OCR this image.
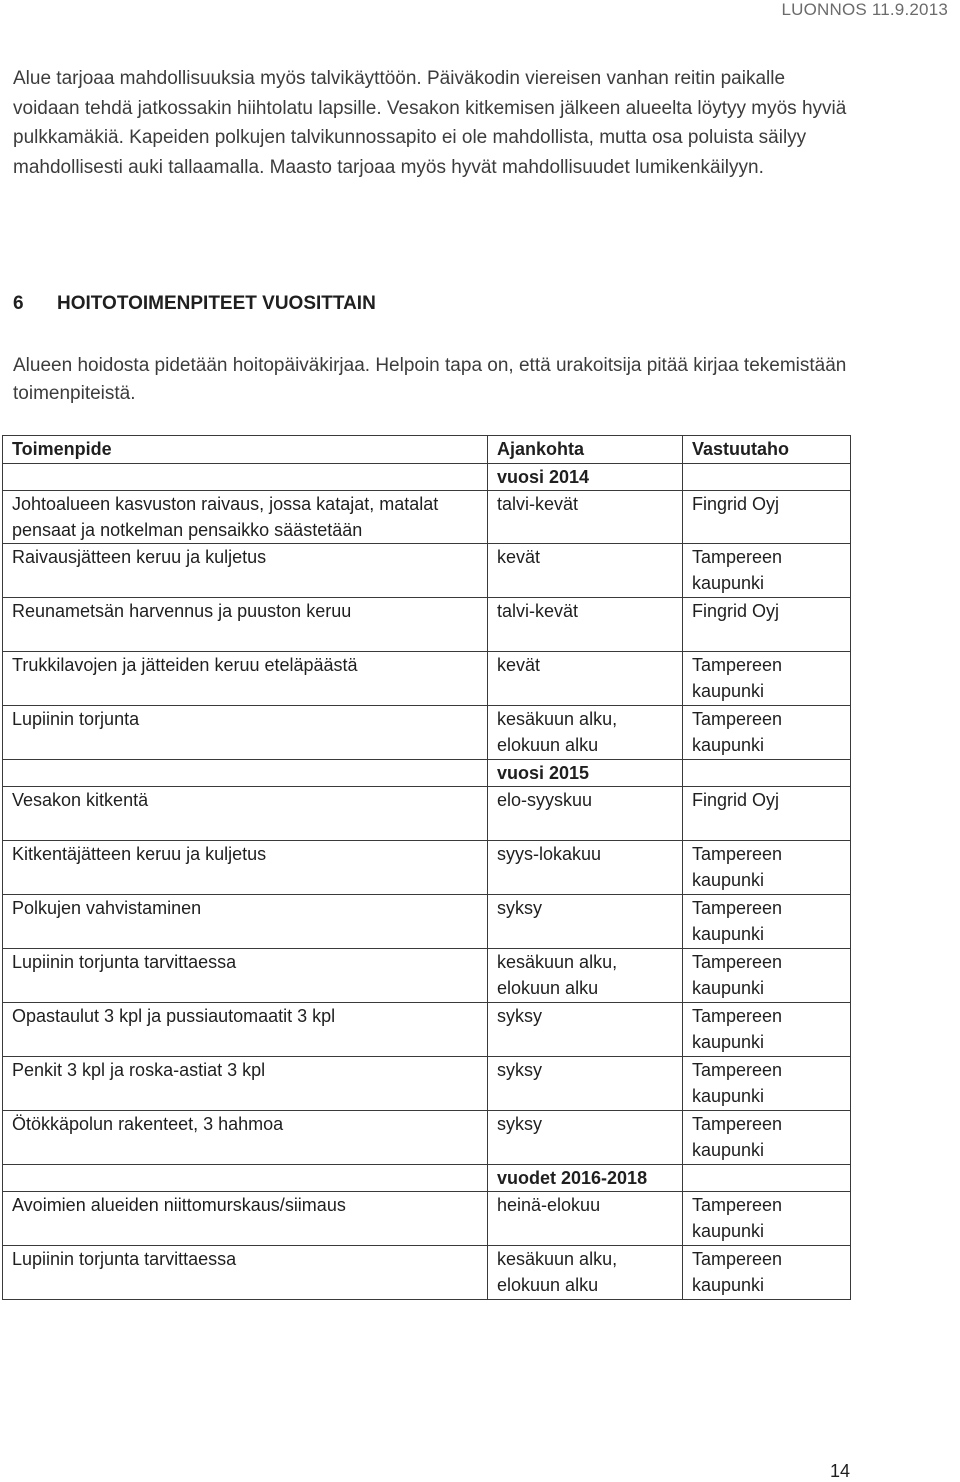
LUONNOS 11.9.2013

Alue tarjoaa mahdollisuuksia myös talvikäyttöön. Päiväkodin viereisen vanhan reitin paikalle voidaan tehdä jatkossakin hiihtolatu lapsille. Vesakon kitkemisen jälkeen alueelta löytyy myös hyviä pulkkamäkiä. Kapeiden polkujen talvikunnossapito ei ole mahdollista, mutta osa poluista säilyy mahdollisesti auki tallaamalla. Maasto tarjoaa myös hyvät mahdollisuudet lumikenkäilyyn.

6 HOITOTOIMENPITEET VUOSITTAIN

Alueen hoidosta pidetään hoitopäiväkirjaa. Helpoin tapa on, että urakoitsija pitää kirjaa tekemistään toimenpiteistä.

Toimenpide	Ajankohta	Vastuutaho
	vuosi 2014	
Johtoalueen kasvuston raivaus, jossa katajat, matalat pensaat ja notkelman pensaikko säästetään	talvi-kevät	Fingrid Oyj
Raivausjätteen keruu ja kuljetus	kevät	Tampereen kaupunki
Reunametsän harvennus ja puuston keruu	talvi-kevät	Fingrid Oyj
Trukkilavojen ja jätteiden keruu eteläpäästä	kevät	Tampereen kaupunki
Lupiinin torjunta	kesäkuun alku, elokuun alku	Tampereen kaupunki
	vuosi 2015	
Vesakon kitkentä	elo-syyskuu	Fingrid Oyj
Kitkentäjätteen keruu ja kuljetus	syys-lokakuu	Tampereen kaupunki
Polkujen vahvistaminen	syksy	Tampereen kaupunki
Lupiinin torjunta tarvittaessa	kesäkuun alku, elokuun alku	Tampereen kaupunki
Opastaulut 3 kpl ja pussiautomaatit 3 kpl	syksy	Tampereen kaupunki
Penkit 3 kpl ja roska-astiat 3 kpl	syksy	Tampereen kaupunki
Ötökkäpolun rakenteet, 3 hahmoa	syksy	Tampereen kaupunki
	vuodet 2016-2018	
Avoimien alueiden niittomurskaus/siimaus	heinä-elokuu	Tampereen kaupunki
Lupiinin torjunta tarvittaessa	kesäkuun alku, elokuun alku	Tampereen kaupunki
14
